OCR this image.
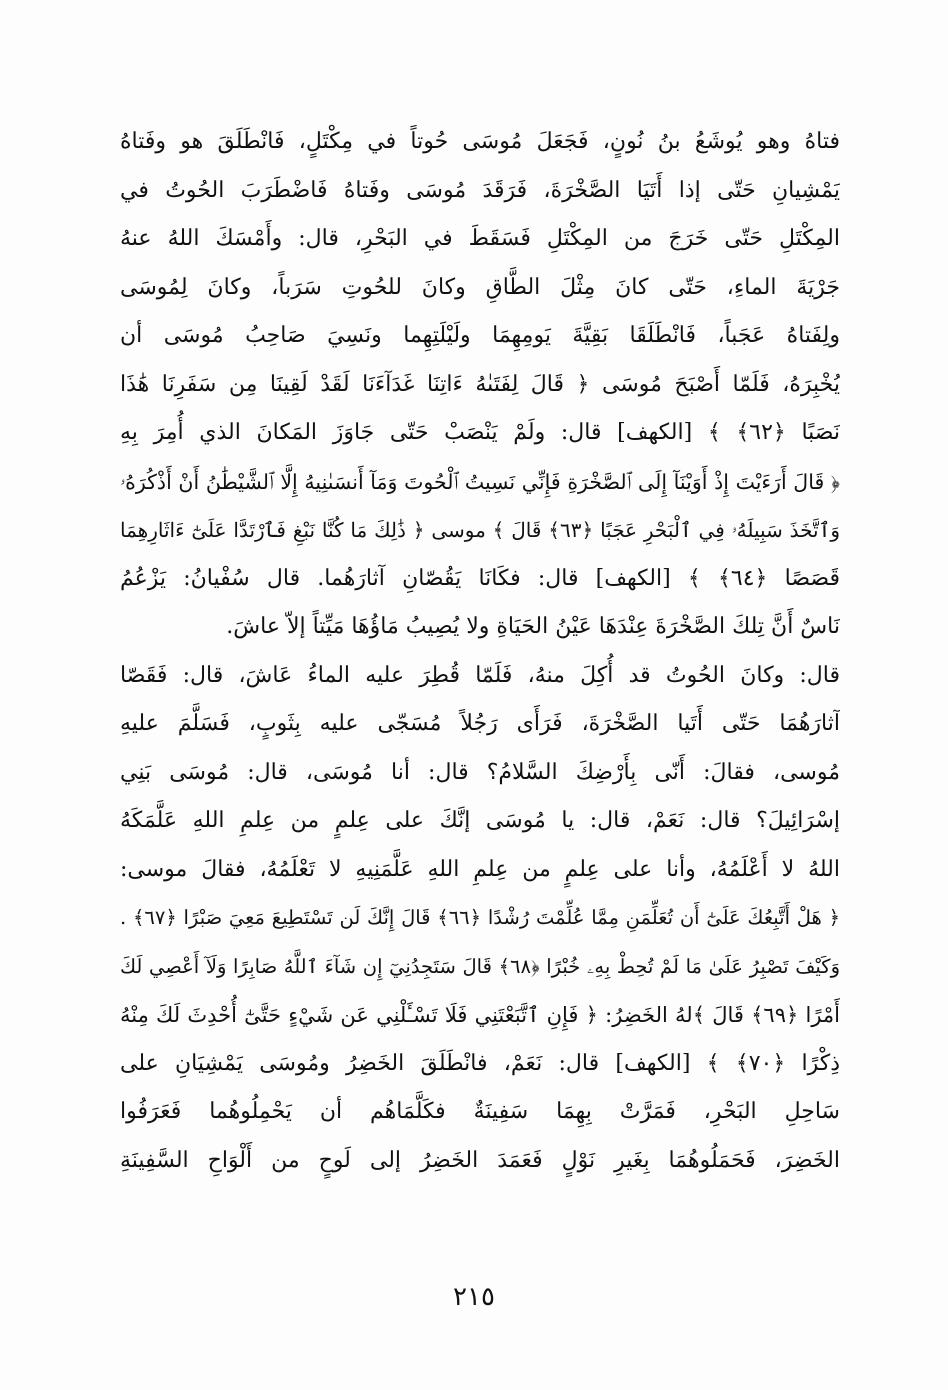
فتاهُ وهو يُوشَعُ بنُ نُونٍ، فَجَعَلَ مُوسَى حُوتاً في مِكْتَلٍ، فَانْطَلَقَ هو وفَتاهُ
يَمْشِيانِ حَتّى إذا أَتَيَا الصَّخْرَةَ، فَرَقَدَ مُوسَى وفَتاهُ فَاضْطَرَبَ الحُوتُ في
المِكْتَلِ حَتّى خَرَجَ من المِكْتَلِ فَسَقَطَ في البَحْرِ، قال: وأَمْسَكَ اللهُ عنهُ
جَرْيَةَ الماءِ، حَتّى كانَ مِثْلَ الطَّاقِ وكانَ للحُوتِ سَرَباً، وكانَ لِمُوسَى
ولِفَتاهُ عَجَباً، فَانْطَلَقَا بَقِيَّةَ يَومِهِمَا ولَيْلَتِهِما ونَسِيَ صَاحِبُ مُوسَى أن
يُخْبِرَهُ، فَلَمّا أَصْبَحَ مُوسَى ﴿ قَالَ لِفَتَىٰهُ ءَاتِنَا غَدَآءَنَا لَقَدْ لَقِينَا مِن سَفَرِنَا هَٰذَا
نَصَبًا ﴿٦٢﴾ ﴾ [الكهف] قال: ولَمْ يَنْصَبْ حَتّى جَاوَزَ المَكانَ الذي أُمِرَ بِهِ
﴿ قَالَ أَرَءَيْتَ إِذْ أَوَيْنَآ إِلَى ٱلصَّخْرَةِ فَإِنِّي نَسِيتُ ٱلْحُوتَ وَمَآ أَنسَىٰنِيهُ إِلَّا ٱلشَّيْطَٰنُ أَنْ أَذْكُرَهُۥ
وَٱتَّخَذَ سَبِيلَهُۥ فِي ٱلْبَحْرِ عَجَبًا ﴿٦٣﴾ قَالَ ﴾ موسى ﴿ ذَٰلِكَ مَا كُنَّا نَبْغِ فَٱرْتَدَّا عَلَىٰٓ ءَاثَارِهِمَا
قَصَصًا ﴿٦٤﴾ ﴾ [الكهف] قال: فكَانَا يَقُصّانِ آثارَهُما. قال سُفْيانُ: يَزْعُمُ
نَاسٌ أَنَّ تِلكَ الصَّخْرَةَ عِنْدَهَا عَيْنُ الحَيَاةِ ولا يُصِيبُ مَاؤُهَا مَيِّتاً إلاّ عاشَ.
قال: وكانَ الحُوتُ قد أُكِلَ منهُ، فَلَمّا قُطِرَ عليه الماءُ عَاشَ، قال: فَقَصّا
آثارَهُمَا حَتّى أَتَيا الصَّخْرَةَ، فَرَأَى رَجُلاً مُسَجّى عليه بِثَوبٍ، فَسَلَّمَ عليهِ
مُوسى، فقالَ: أَنّى بِأَرْضِكَ السَّلامُ؟ قال: أنا مُوسَى، قال: مُوسَى بَنِي
إسْرَائِيلَ؟ قال: نَعَمْ، قال: يا مُوسَى إنَّكَ على عِلمٍ من عِلمِ اللهِ عَلَّمَكَهُ
اللهُ لا أَعْلَمُهُ، وأنا على عِلمٍ من عِلمِ اللهِ عَلَّمَنِيهِ لا تَعْلَمُهُ، فقالَ موسى:
﴿ هَلْ أَتَّبِعُكَ عَلَىٰٓ أَن تُعَلِّمَنِ مِمَّا عُلِّمْتَ رُشْدًا ﴿٦٦﴾ قَالَ إِنَّكَ لَن تَسْتَطِيعَ مَعِيَ صَبْرًا ﴿٦٧﴾ .
وَكَيْفَ تَصْبِرُ عَلَىٰ مَا لَمْ تُحِطْ بِهِۦ خُبْرًا ﴿٦٨﴾ قَالَ سَتَجِدُنِيٓ إِن شَآءَ ٱللَّهُ صَابِرًا وَلَآ أَعْصِي لَكَ
أَمْرًا ﴿٦٩﴾ قَالَ ﴾لهُ الخَضِرُ: ﴿ فَإِنِ ٱتَّبَعْتَنِي فَلَا تَسْـَٔلْنِي عَن شَيْءٍ حَتَّىٰٓ أُحْدِثَ لَكَ مِنْهُ
ذِكْرًا ﴿٧٠﴾ ﴾ [الكهف] قال: نَعَمْ، فانْطَلَقَ الخَضِرُ ومُوسَى يَمْشِيَانِ على
سَاحِلِ البَحْرِ، فَمَرَّتْ بِهِمَا سَفِينَةٌ فكَلَّمَاهُم أن يَحْمِلُوهُما فَعَرَفُوا
الخَضِرَ، فَحَمَلُوهُمَا بِغَيرِ نَوْلٍ فَعَمَدَ الخَضِرُ إلى لَوحٍ من أَلْوَاحِ السَّفِينَةِ
٢١٥
